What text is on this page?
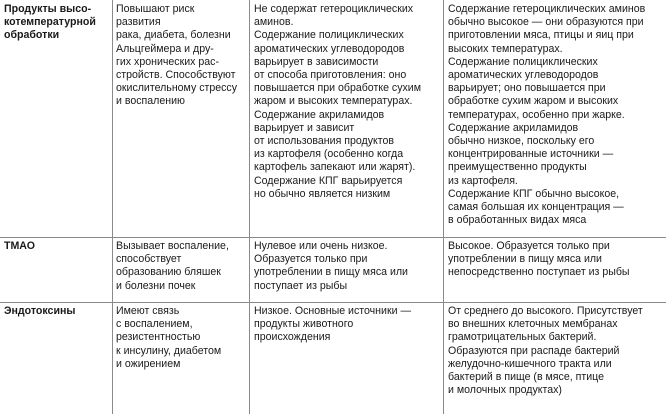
Продукты высо-
котемпературной
обработки
Повышают риск развития
рака, диабета, болезни
Альцгеймера и дру-
гих хронических рас-
стройств. Способствуют
окислительному стрессу
и воспалению
Не содержат гетероциклических
аминов.
Содержание полициклических
ароматических углеводородов
варьирует в зависимости
от способа приготовления: оно
повышается при обработке сухим
жаром и высоких температурах.
Содержание акриламидов
варьирует и зависит
от использования продуктов
из картофеля (особенно когда
картофель запекают или жарят).
Содержание КПГ варьируется
но обычно является низким
Содержание гетероциклических аминов
обычно высокое — они образуются при
приготовлении мяса, птицы и яиц при
высоких температурах.
Содержание полициклических
ароматических углеводородов
варьирует; оно повышается при
обработке сухим жаром и высоких
температурах, особенно при жарке.
Содержание акриламидов
обычно низкое, поскольку его
концентрированные источники —
преимущественно продукты
из картофеля.
Содержание КПГ обычно высокое,
самая большая их концентрация —
в обработанных видах мяса
ТМАО	Вызывает воспаление,
способствует
образованию бляшек
и болезни почек
Нулевое или очень низкое.
Образуется только при
употреблении в пищу мяса или
поступает из рыбы
Высокое. Образуется только при
употреблении в пищу мяса или
непосредственно поступает из рыбы
Эндотоксины	Имеют связь
с воспалением,
резистентностью
к инсулину, диабетом
и ожирением
Низкое. Основные источники —
продукты животного
происхождения
От среднего до высокого. Присутствует
во внешних клеточных мембранах
грамотрицательных бактерий.
Образуются при распаде бактерий
желудочно-кишечного тракта или
бактерий в пище (в мясе, птице
и молочных продуктах)
